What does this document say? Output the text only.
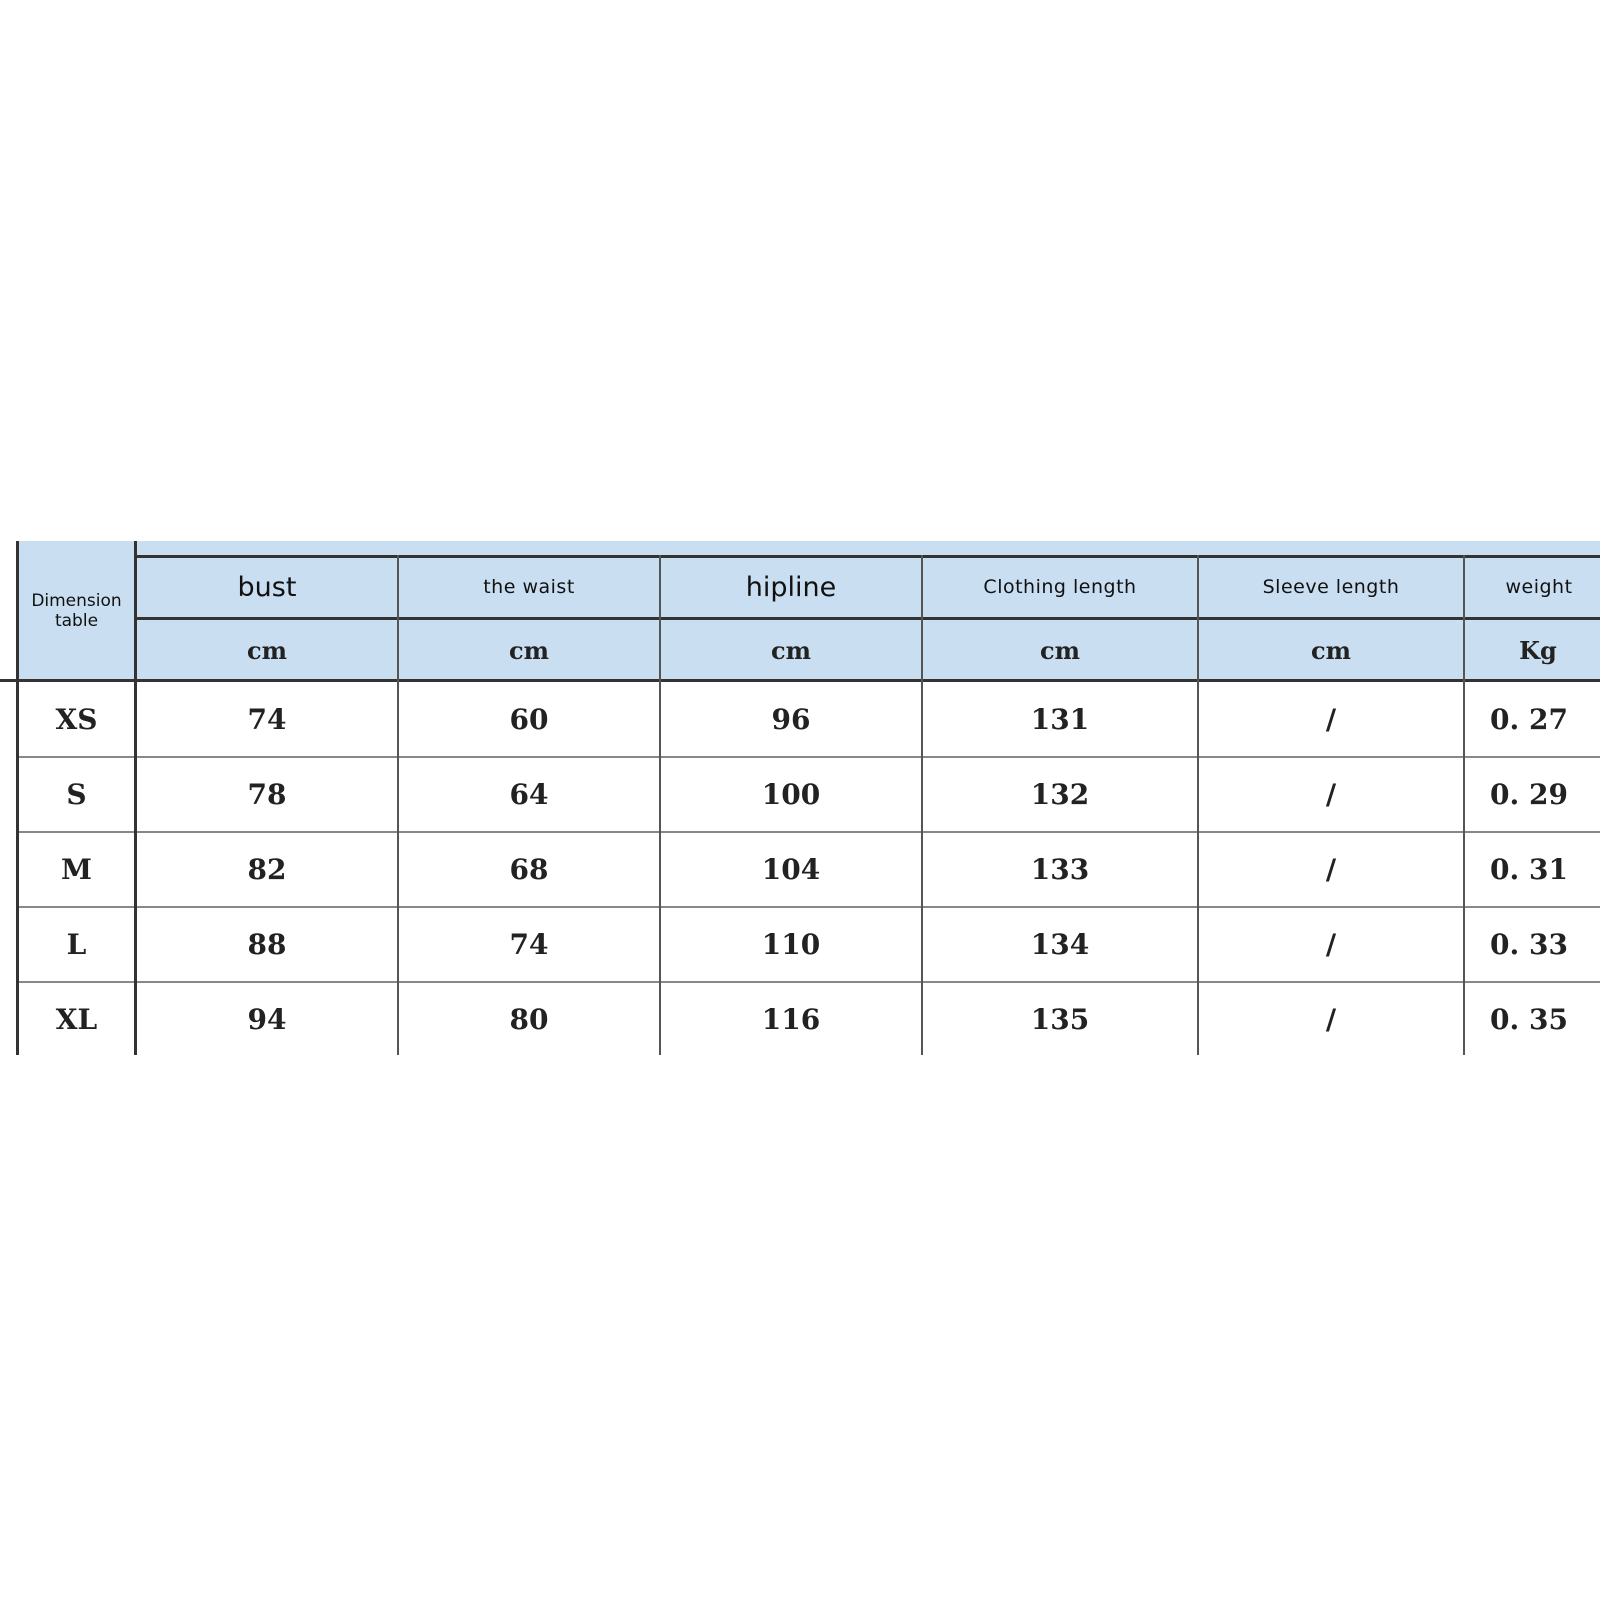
Dimension
table
bust	the waist	hipline	Clothing length	Sleeve length	weight
cm	cm	cm	cm	cm	Kg
XS	74	60	96	131	/	0. 27
S	78	64	100	132	/	0. 29
M	82	68	104	133	/	0. 31
L	88	74	110	134	/	0. 33
XL	94	80	116	135	/	0. 35
